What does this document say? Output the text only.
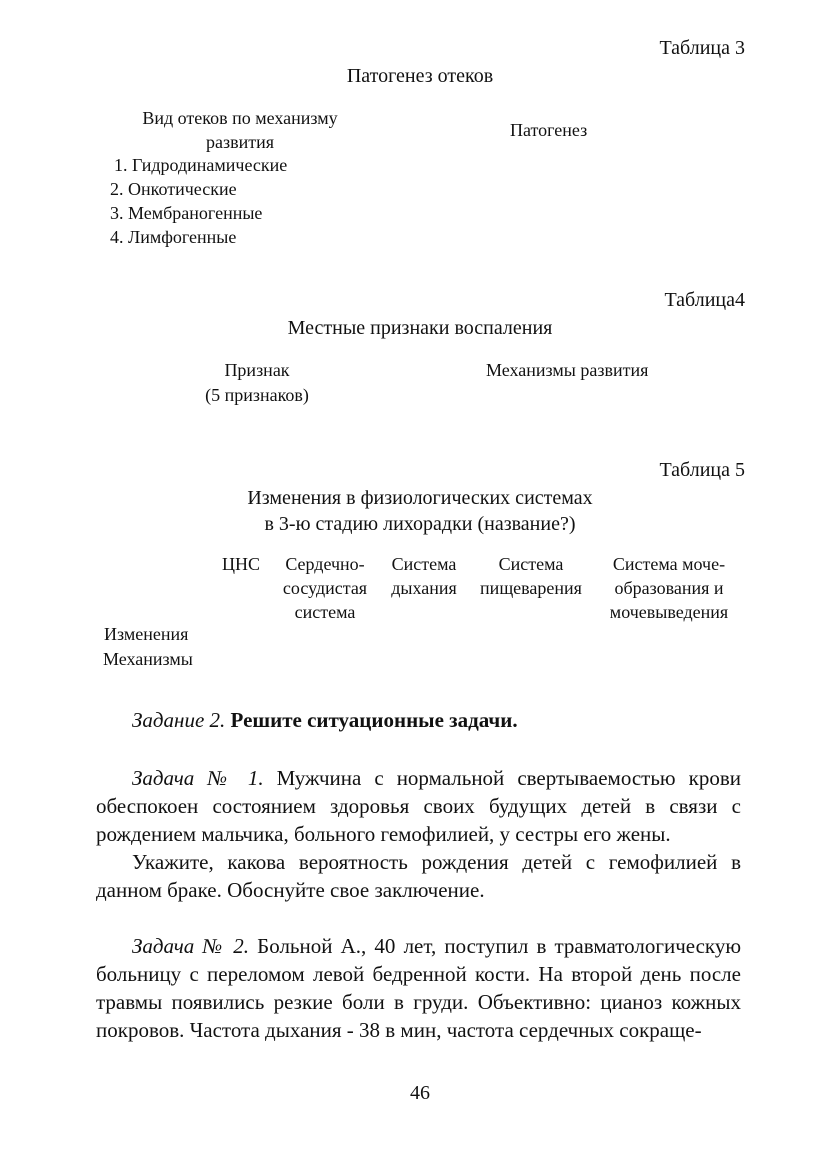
Таблица 3
Патогенез отеков
Вид отеков по механизму
развития
Патогенез
1. Гидродинамические
2. Онкотические
3. Мембраногенные
4. Лимфогенные
Таблица4
Местные признаки воспаления
Признак
(5 признаков)
Механизмы развития
Таблица 5
Изменения в физиологических системах
в 3-ю стадию лихорадки (название?)
ЦНС	Сердечно-
сосудистая
система
Система
дыхания
Система
пищеварения
Система моче-
образования и
мочевыведения
Изменения
Механизмы
Задание 2. Решите ситуационные задачи.
Задача № 1. Мужчина с нормальной свертываемостью крови обеспокоен состоянием здоровья своих будущих детей в связи с рождением мальчика, больного гемофилией, у сестры его жены.
Укажите, какова вероятность рождения детей с гемофилией в данном браке. Обоснуйте свое заключение.
Задача № 2. Больной А., 40 лет, поступил в травматологическую больницу с переломом левой бедренной кости. На второй день после травмы появились резкие боли в груди. Объективно: цианоз кожных покровов. Частота дыхания - 38 в мин, частота сердечных сокраще-
46
